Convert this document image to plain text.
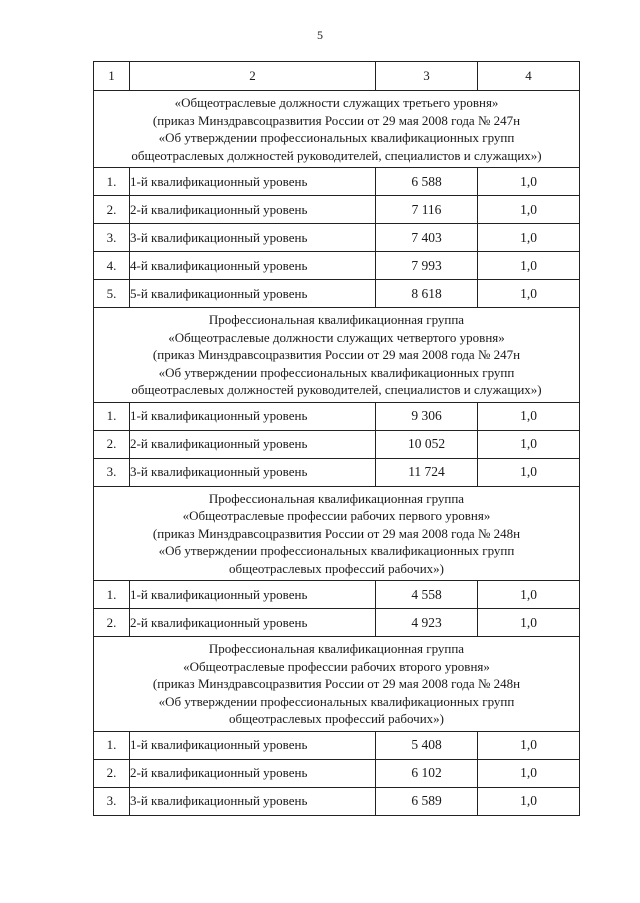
5
1	2	3	4

«Общеотраслевые должности служащих третьего уровня»
(приказ Минздравсоцразвития России от 29 мая 2008 года № 247н
«Об утверждении профессиональных квалификационных групп
общеотраслевых должностей руководителей, специалистов и служащих»)			

1.	1-й квалификационный уровень	6 588	1,0
2.	2-й квалификационный уровень	7 116	1,0
3.	3-й квалификационный уровень	7 403	1,0
4.	4-й квалификационный уровень	7 993	1,0
5.	5-й квалификационный уровень	8 618	1,0

Профессиональная квалификационная группа
«Общеотраслевые должности служащих четвертого уровня»
(приказ Минздравсоцразвития России от 29 мая 2008 года № 247н
«Об утверждении профессиональных квалификационных групп
общеотраслевых должностей руководителей, специалистов и служащих»)			

1.	1-й квалификационный уровень	9 306	1,0
2.	2-й квалификационный уровень	10 052	1,0
3.	3-й квалификационный уровень	11 724	1,0

Профессиональная квалификационная группа
«Общеотраслевые профессии рабочих первого уровня»
(приказ Минздравсоцразвития России от 29 мая 2008 года № 248н
«Об утверждении профессиональных квалификационных групп
общеотраслевых профессий рабочих»)			

1.	1-й квалификационный уровень	4 558	1,0
2.	2-й квалификационный уровень	4 923	1,0

Профессиональная квалификационная группа
«Общеотраслевые профессии рабочих второго уровня»
(приказ Минздравсоцразвития России от 29 мая 2008 года № 248н
«Об утверждении профессиональных квалификационных групп
общеотраслевых профессий рабочих»)			

1.	1-й квалификационный уровень	5 408	1,0
2.	2-й квалификационный уровень	6 102	1,0
3.	3-й квалификационный уровень	6 589	1,0
